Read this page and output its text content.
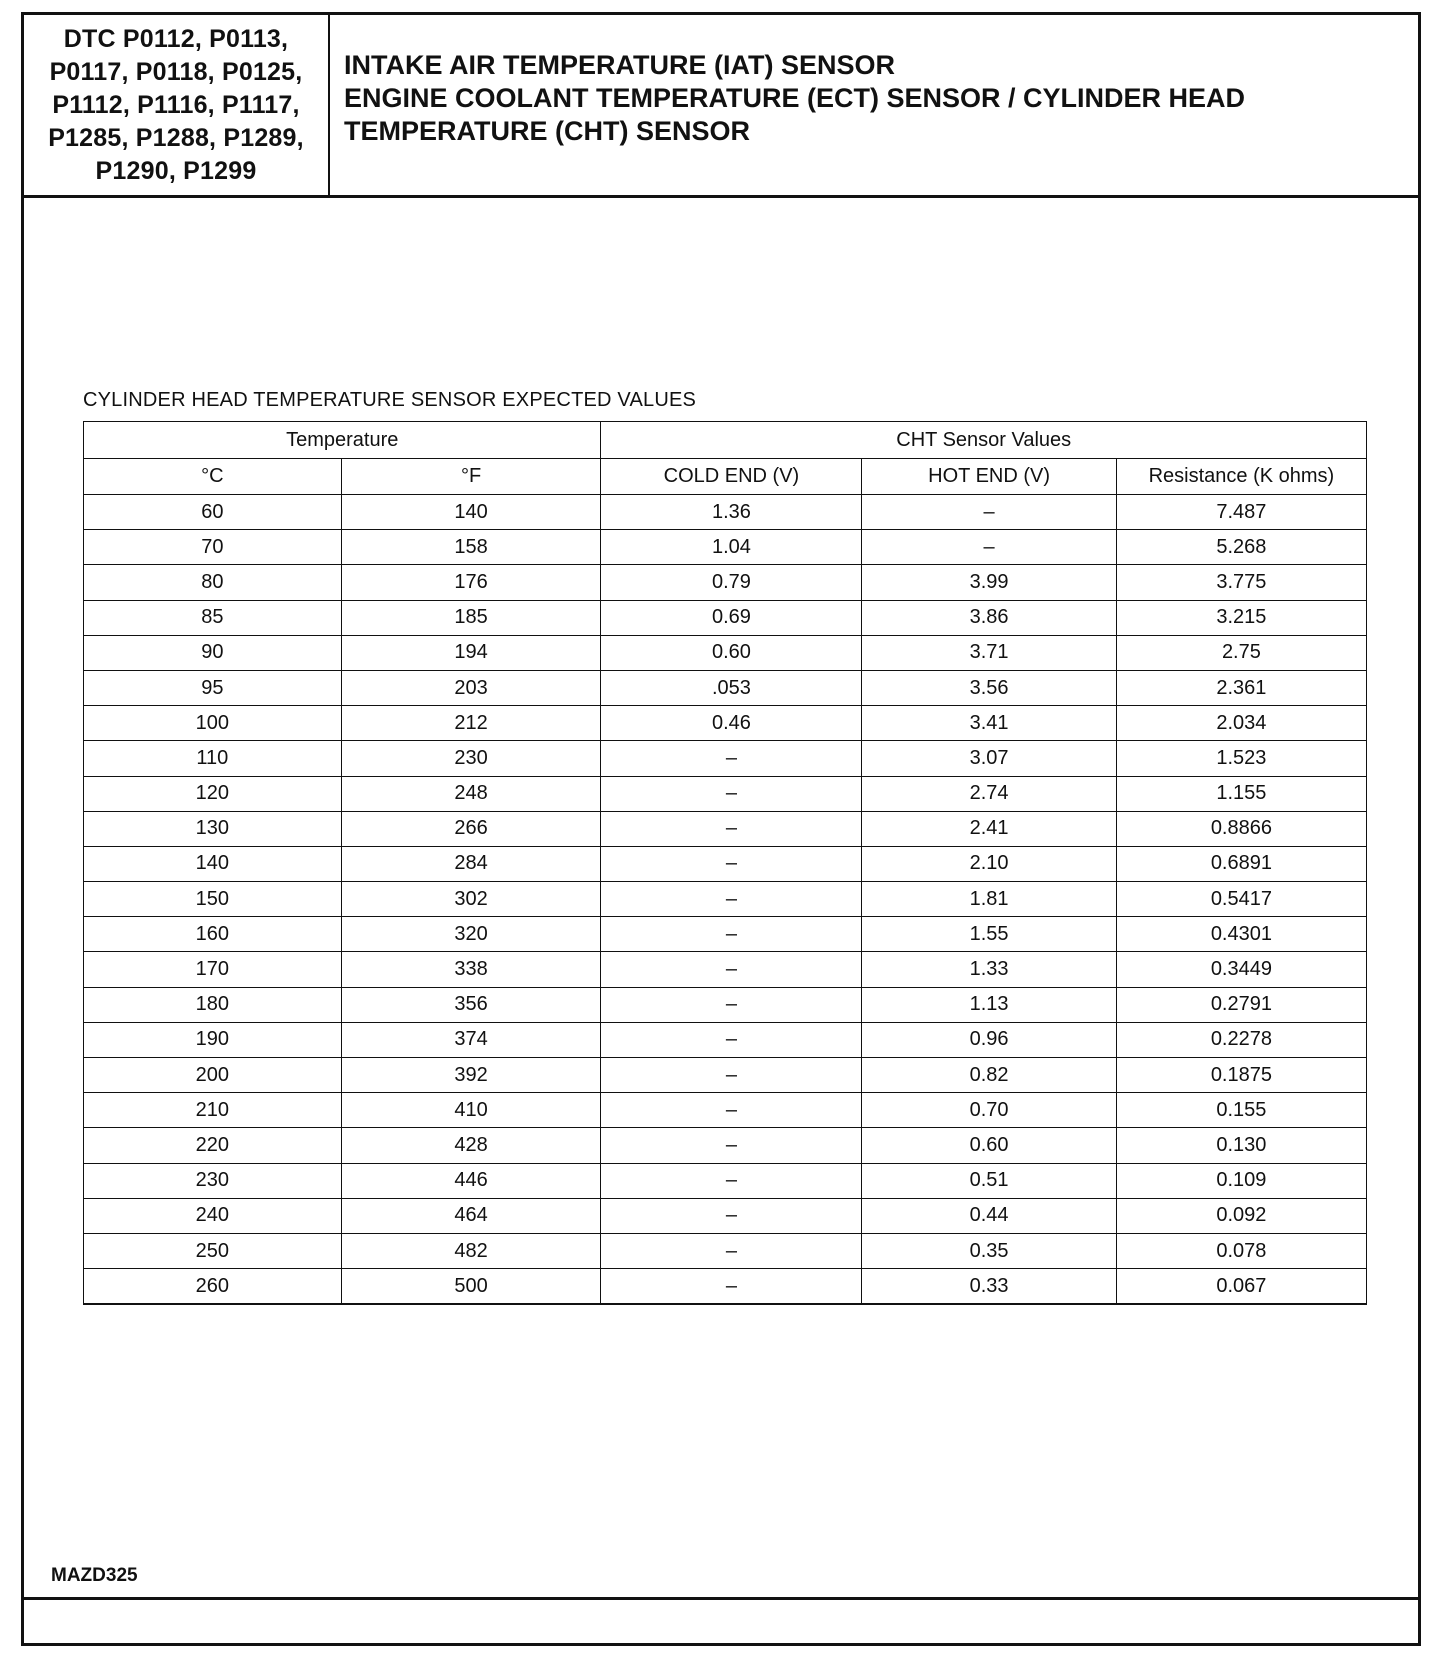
DTC P0112, P0113,
P0117, P0118, P0125,
P1112, P1116, P1117,
P1285, P1288, P1289,
P1290, P1299
INTAKE AIR TEMPERATURE (IAT) SENSOR
ENGINE COOLANT TEMPERATURE (ECT) SENSOR / CYLINDER HEAD
TEMPERATURE (CHT) SENSOR
CYLINDER HEAD TEMPERATURE SENSOR EXPECTED VALUES
Temperature		CHT Sensor Values		
°C	°F	COLD END (V)	HOT END (V)	Resistance (K ohms)
60	140	1.36	–	7.487
70	158	1.04	–	5.268
80	176	0.79	3.99	3.775
85	185	0.69	3.86	3.215
90	194	0.60	3.71	2.75
95	203	.053	3.56	2.361
100	212	0.46	3.41	2.034
110	230	–	3.07	1.523
120	248	–	2.74	1.155
130	266	–	2.41	0.8866
140	284	–	2.10	0.6891
150	302	–	1.81	0.5417
160	320	–	1.55	0.4301
170	338	–	1.33	0.3449
180	356	–	1.13	0.2791
190	374	–	0.96	0.2278
200	392	–	0.82	0.1875
210	410	–	0.70	0.155
220	428	–	0.60	0.130
230	446	–	0.51	0.109
240	464	–	0.44	0.092
250	482	–	0.35	0.078
260	500	–	0.33	0.067
MAZD325
